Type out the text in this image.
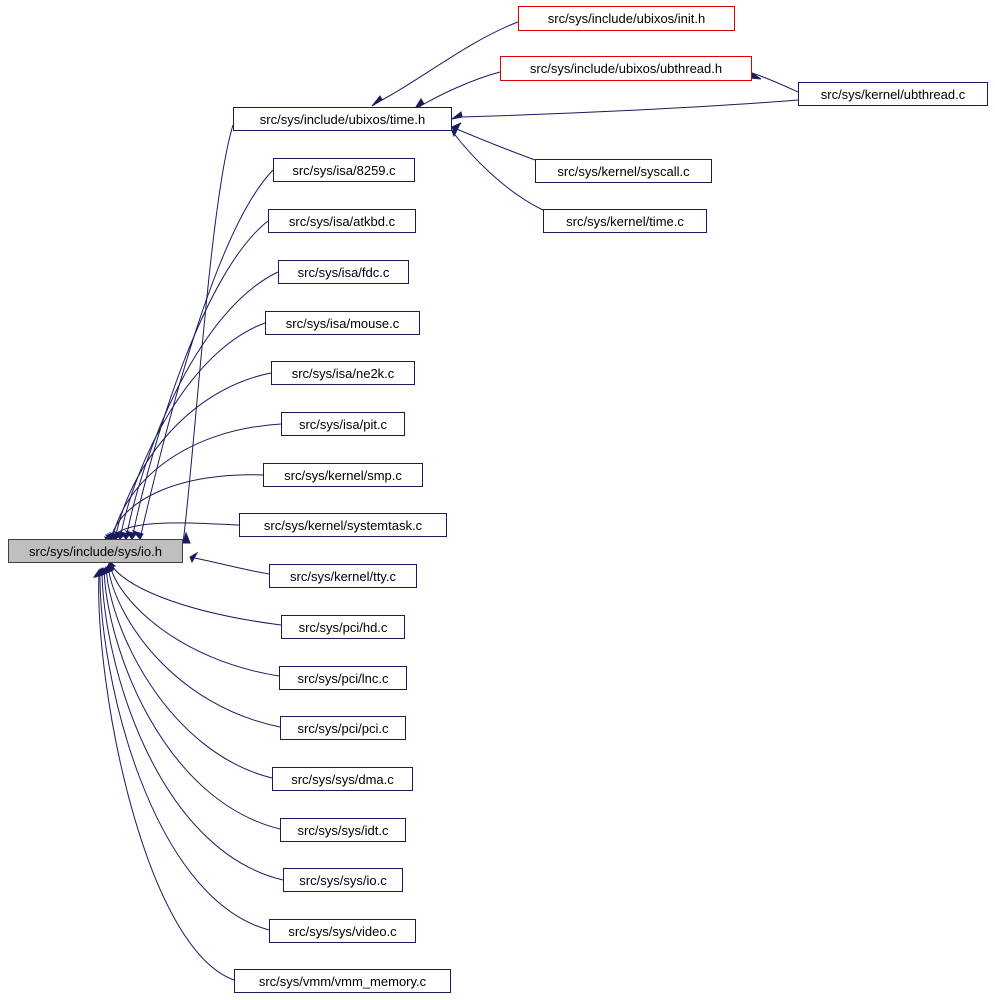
src/sys/include/sys/io.h
src/sys/include/ubixos/init.h
src/sys/include/ubixos/ubthread.h
src/sys/kernel/ubthread.c
src/sys/include/ubixos/time.h
src/sys/kernel/syscall.c
src/sys/kernel/time.c
src/sys/isa/8259.c
src/sys/isa/atkbd.c
src/sys/isa/fdc.c
src/sys/isa/mouse.c
src/sys/isa/ne2k.c
src/sys/isa/pit.c
src/sys/kernel/smp.c
src/sys/kernel/systemtask.c
src/sys/kernel/tty.c
src/sys/pci/hd.c
src/sys/pci/lnc.c
src/sys/pci/pci.c
src/sys/sys/dma.c
src/sys/sys/idt.c
src/sys/sys/io.c
src/sys/sys/video.c
src/sys/vmm/vmm_memory.c
